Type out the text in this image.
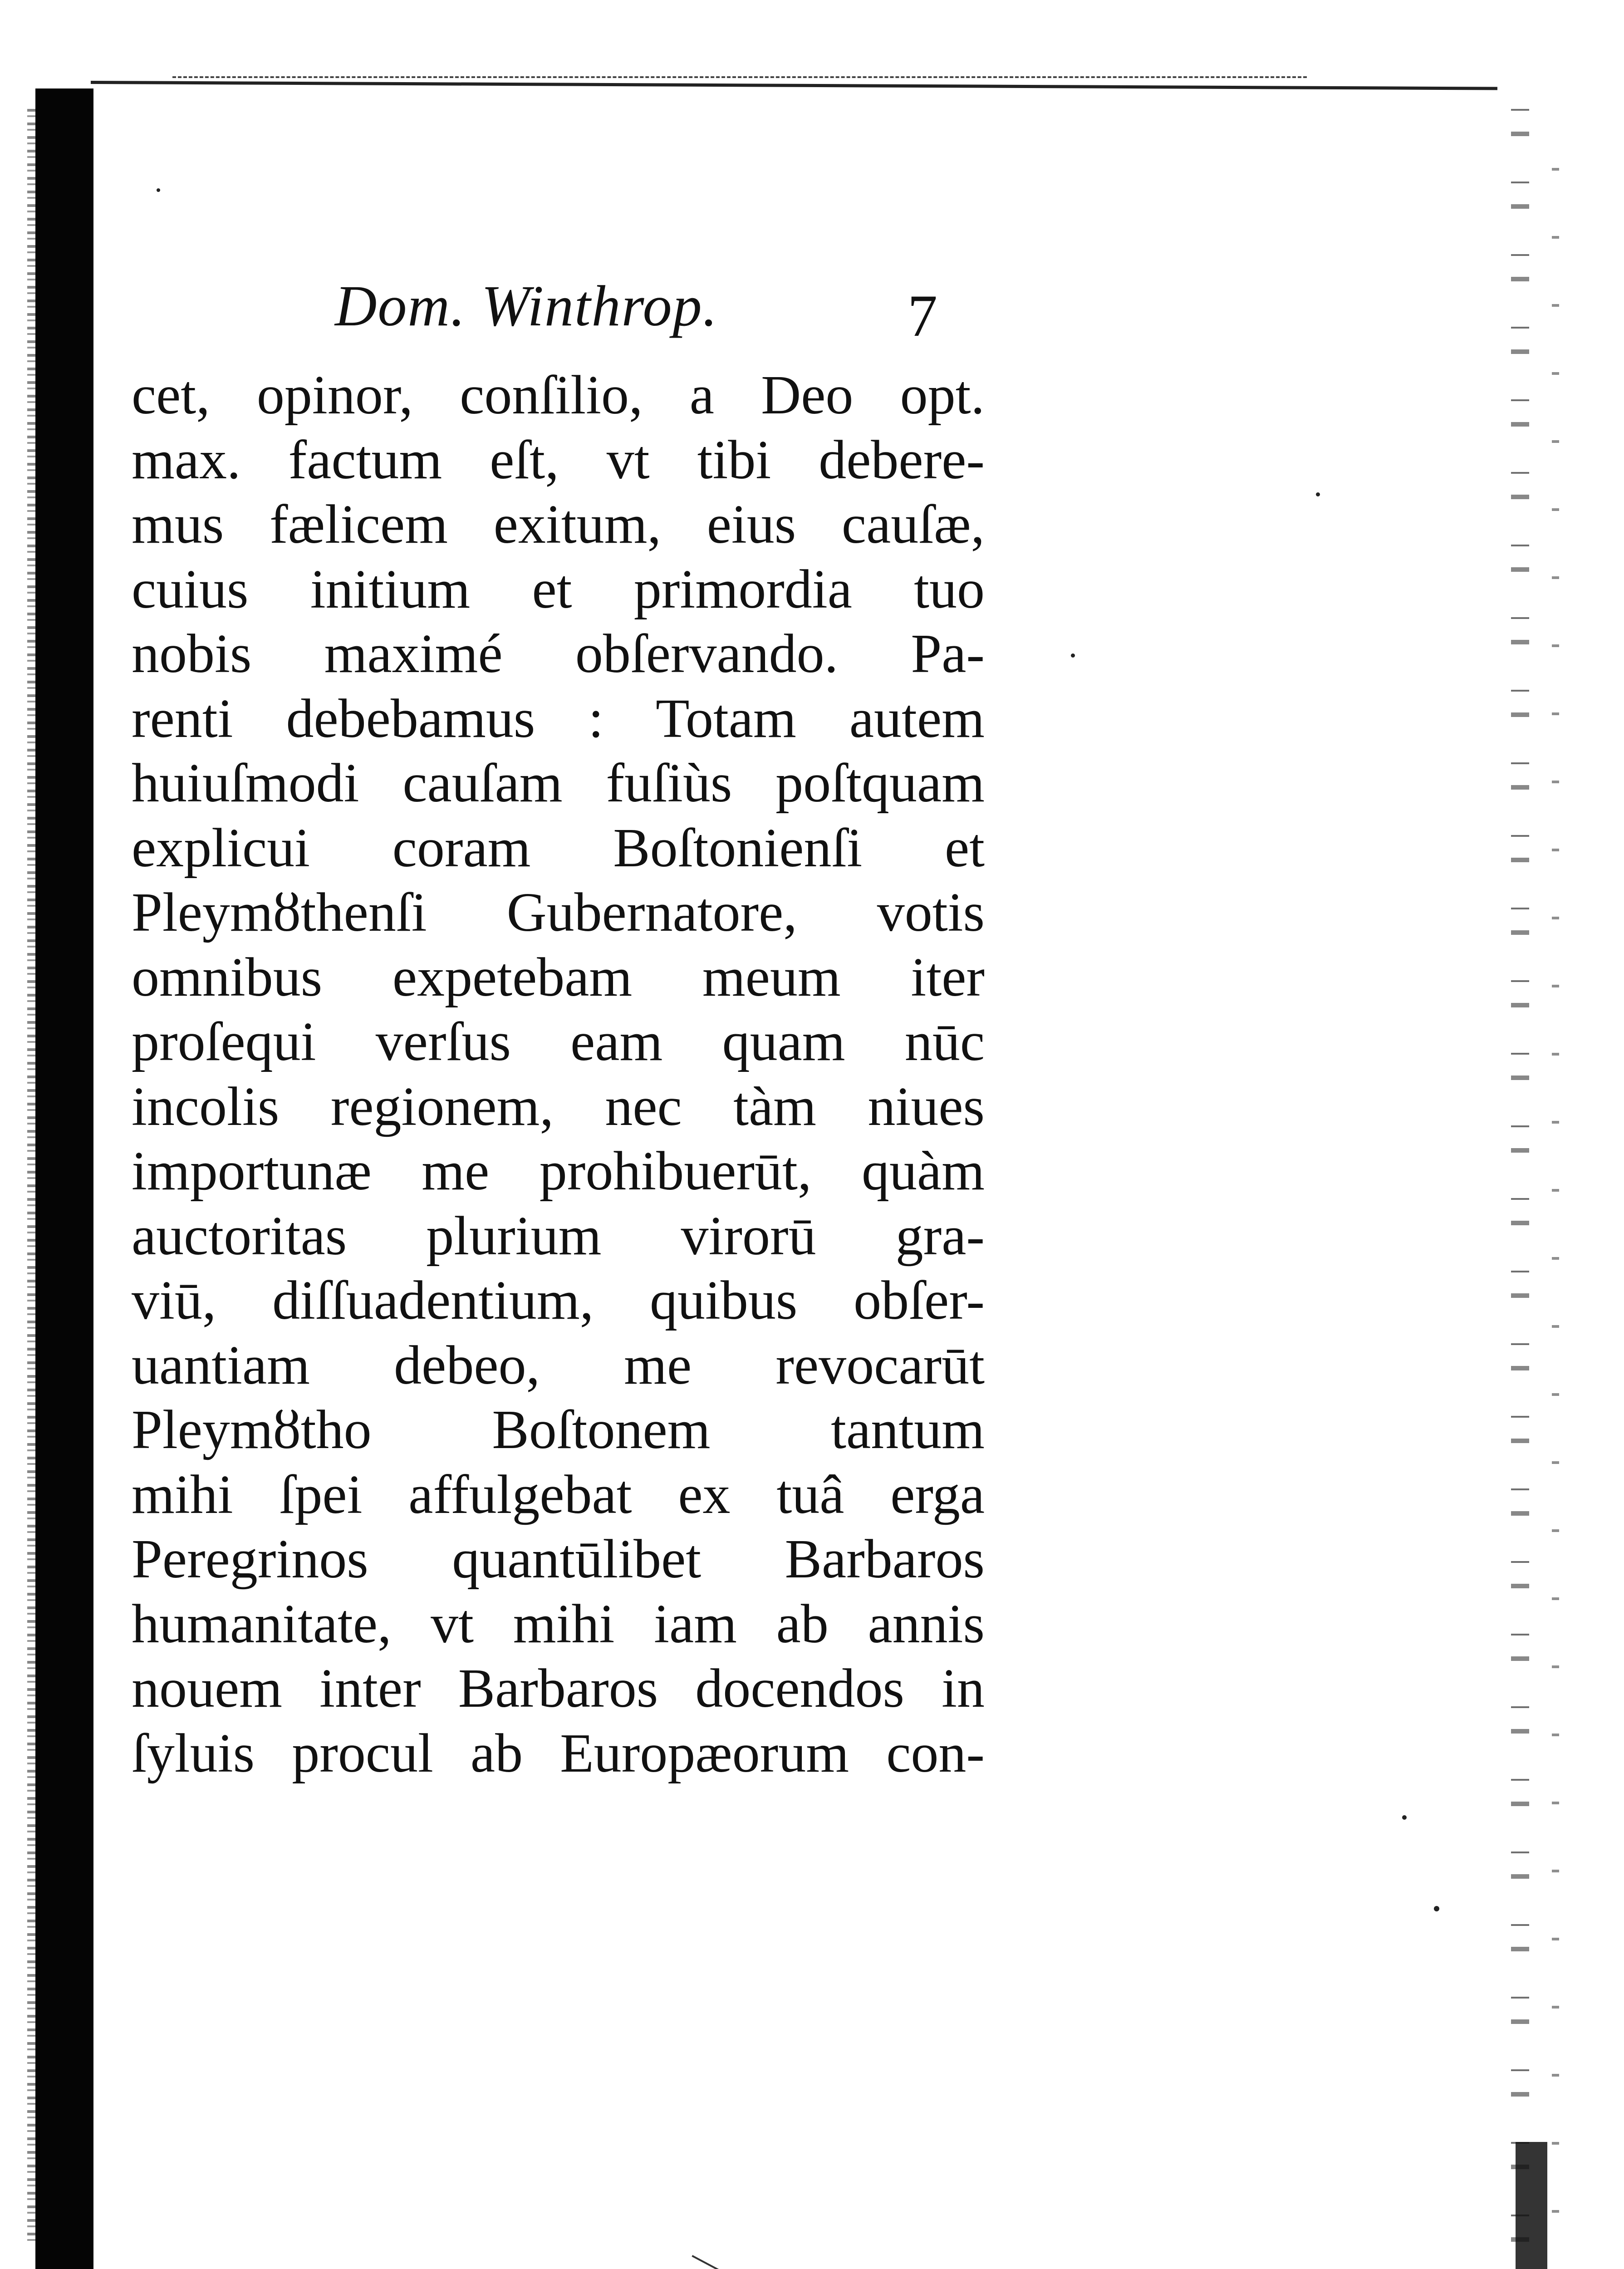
Dom. Winthrop.	7
cet, opinor, conſilio, a Deo opt.
max. factum eſt, vt tibi debere-
mus fælicem exitum, eius cauſæ,
cuius initium et primordia tuo
nobis maximé obſervando. Pa-
renti debebamus : Totam autem
huiuſmodi cauſam fuſiùs poſtquam
explicui coram Boſtonienſi et
Pleymȣthenſi Gubernatore, votis
omnibus expetebam meum iter
proſequi verſus eam quam nūc
incolis regionem, nec tàm niues
importunæ me prohibuerūt, quàm
auctoritas plurium virorū gra-
viū, diſſuadentium, quibus obſer-
uantiam debeo, me revocarūt
Pleymȣtho Boſtonem tantum
mihi ſpei affulgebat ex tuâ erga
Peregrinos quantūlibet Barbaros
humanitate, vt mihi iam ab annis
nouem inter Barbaros docendos in
ſyluis procul ab Europæorum con-
